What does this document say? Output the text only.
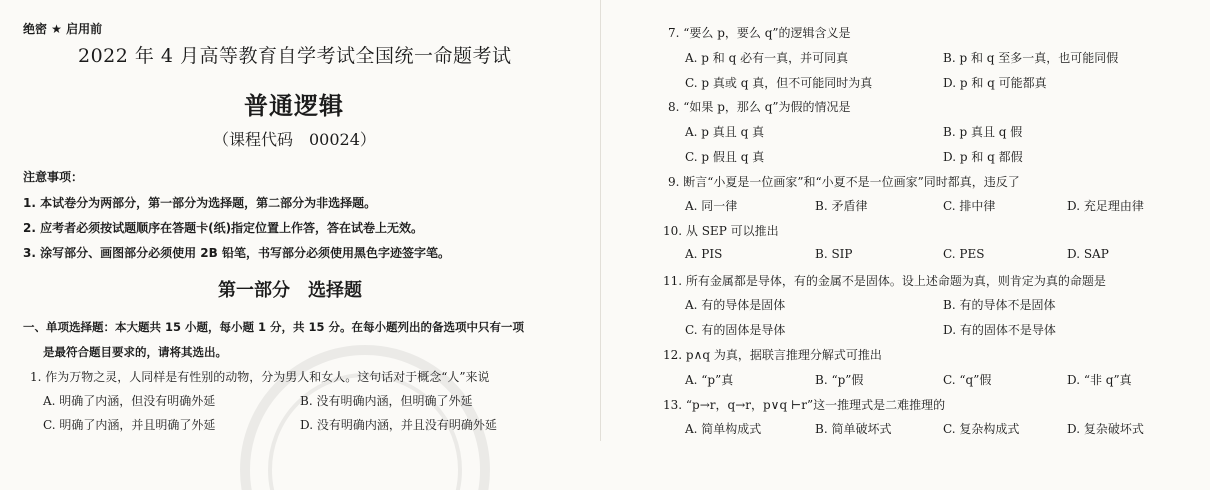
绝密 ★ 启用前
2022 年 4 月高等教育自学考试全国统一命题考试
普通逻辑
（课程代码　00024）
注意事项：
1. 本试卷分为两部分，第一部分为选择题，第二部分为非选择题。
2. 应考者必须按试题顺序在答题卡(纸)指定位置上作答，答在试卷上无效。
3. 涂写部分、画图部分必须使用 2B 铅笔，书写部分必须使用黑色字迹签字笔。
第一部分　选择题
一、单项选择题：本大题共 15 小题，每小题 1 分，共 15 分。在每小题列出的备选项中只有一项
是最符合题目要求的，请将其选出。
1. 作为万物之灵，人同样是有性别的动物，分为男人和女人。这句话对于概念“人”来说
A. 明确了内涵，但没有明确外延	B. 没有明确内涵，但明确了外延
C. 明确了内涵，并且明确了外延	D. 没有明确内涵，并且没有明确外延
7. “要么 p，要么 q”的逻辑含义是
A. p 和 q 必有一真，并可同真	B. p 和 q 至多一真，也可能同假
C. p 真或 q 真，但不可能同时为真	D. p 和 q 可能都真
8. “如果 p，那么 q”为假的情况是
A. p 真且 q 真	B. p 真且 q 假
C. p 假且 q 真	D. p 和 q 都假
9. 断言“小夏是一位画家”和“小夏不是一位画家”同时都真，违反了
A. 同一律	B. 矛盾律	C. 排中律	D. 充足理由律
10. 从 SEP 可以推出
A. PIS	B. SIP	C. PES	D. SAP
11. 所有金属都是导体，有的金属不是固体。设上述命题为真，则肯定为真的命题是
A. 有的导体是固体	B. 有的导体不是固体
C. 有的固体是导体	D. 有的固体不是导体
12. p∧q 为真，据联言推理分解式可推出
A. “p”真	B. “p”假	C. “q”假	D. “非 q”真
13. “p→r，q→r，p∨q ⊢r”这一推理式是二难推理的
A. 简单构成式	B. 简单破坏式	C. 复杂构成式	D. 复杂破坏式
